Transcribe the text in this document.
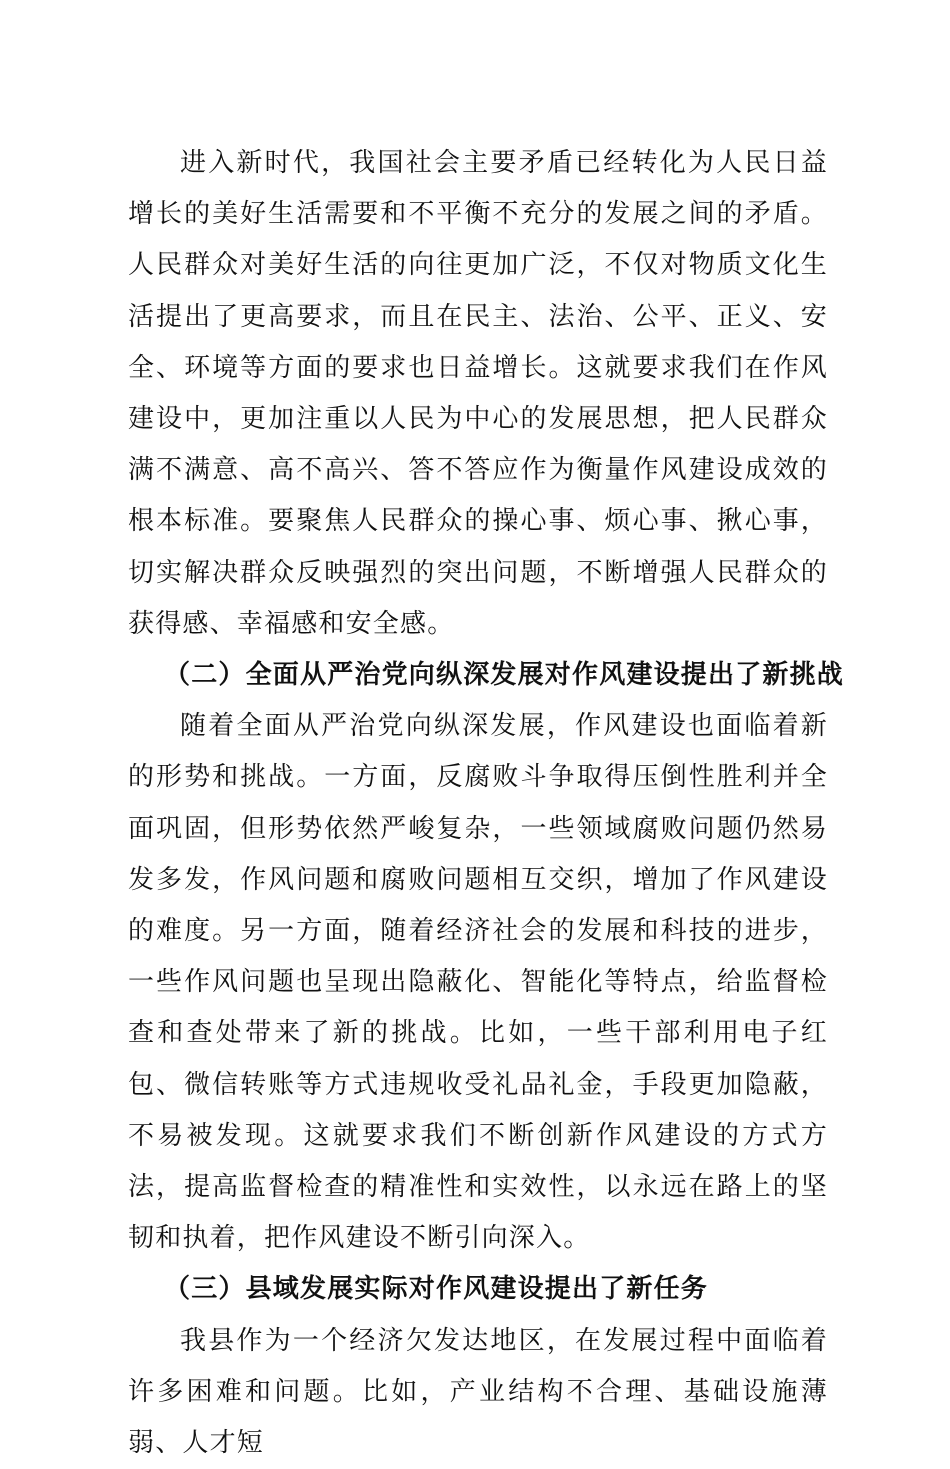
进入新时代，我国社会主要矛盾已经转化为人民日益增长的美好生活需要和不平衡不充分的发展之间的矛盾。人民群众对美好生活的向往更加广泛，不仅对物质文化生活提出了更高要求，而且在民主、法治、公平、正义、安全、环境等方面的要求也日益增长。这就要求我们在作风建设中，更加注重以人民为中心的发展思想，把人民群众满不满意、高不高兴、答不答应作为衡量作风建设成效的根本标准。要聚焦人民群众的操心事、烦心事、揪心事，切实解决群众反映强烈的突出问题，不断增强人民群众的获得感、幸福感和安全感。

（二）全面从严治党向纵深发展对作风建设提出了新挑战

随着全面从严治党向纵深发展，作风建设也面临着新的形势和挑战。一方面，反腐败斗争取得压倒性胜利并全面巩固，但形势依然严峻复杂，一些领域腐败问题仍然易发多发，作风问题和腐败问题相互交织，增加了作风建设的难度。另一方面，随着经济社会的发展和科技的进步，一些作风问题也呈现出隐蔽化、智能化等特点，给监督检查和查处带来了新的挑战。比如，一些干部利用电子红包、微信转账等方式违规收受礼品礼金，手段更加隐蔽，不易被发现。这就要求我们不断创新作风建设的方式方法，提高监督检查的精准性和实效性，以永远在路上的坚韧和执着，把作风建设不断引向深入。

（三）县域发展实际对作风建设提出了新任务

我县作为一个经济欠发达地区，在发展过程中面临着许多困难和问题。比如，产业结构不合理、基础设施薄弱、人才短
